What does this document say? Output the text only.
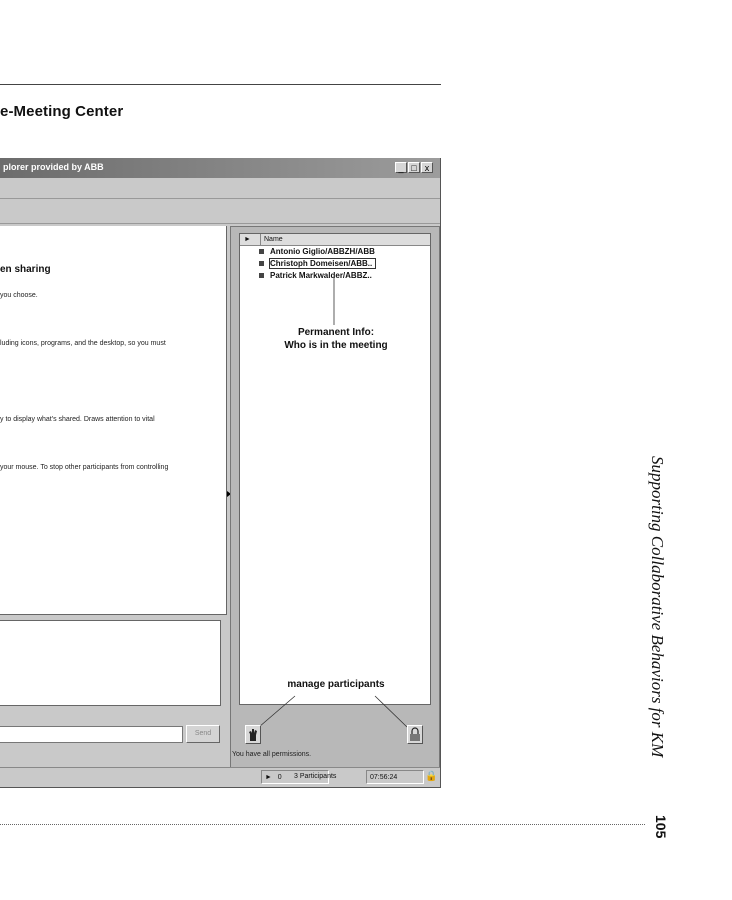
e-Meeting Center
plorer provided by ABB	_ □ x
en sharing
you choose.
luding icons, programs, and the desktop, so you must
y to display what's shared. Draws attention to vital
your mouse. To stop other participants from controlling
Send
►	Name
Antonio Giglio/ABBZH/ABB
Christoph Domeisen/ABB..
Patrick Markwalder/ABBZ..
Permanent Info:
Who is in the meeting
manage participants
You have all permissions.
► 0	3 Participants	07:56:24	🔒
Supporting Collaborative Behaviors for KM
105
